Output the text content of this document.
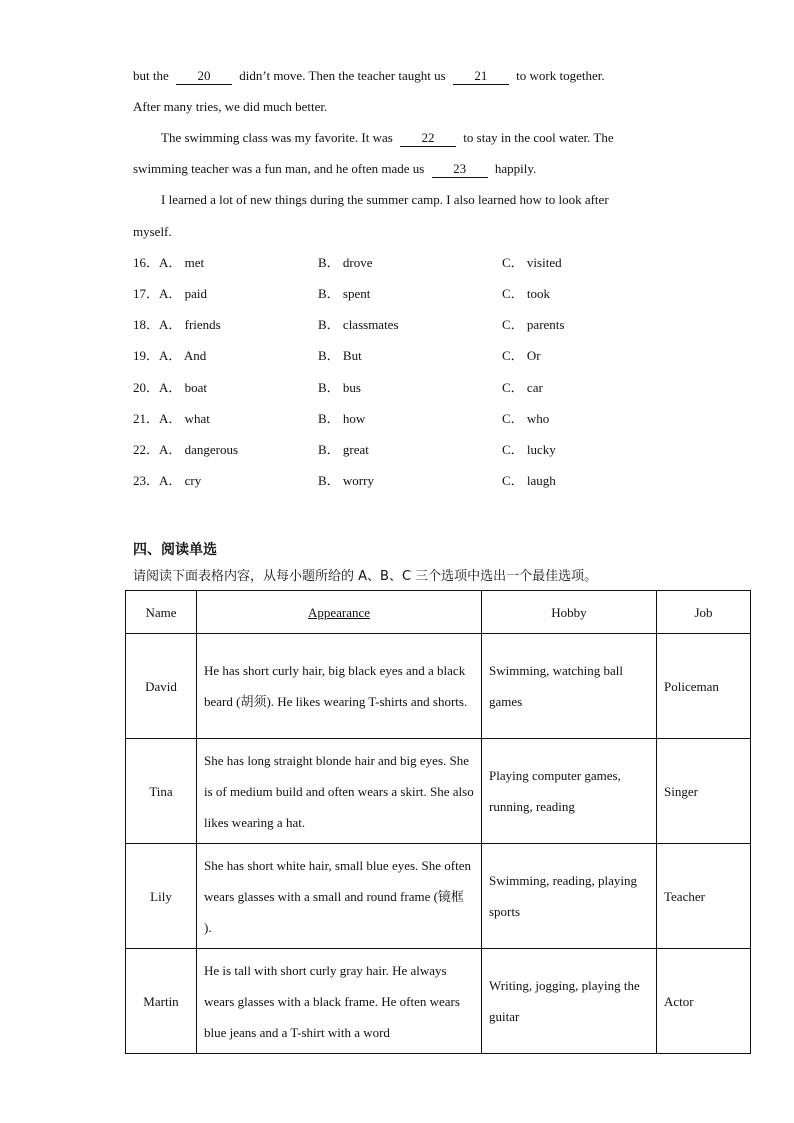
but the 20 didn’t move. Then the teacher taught us 21 to work together.
After many tries, we did much better.
The swimming class was my favorite. It was 22 to stay in the cool water. The
swimming teacher was a fun man, and he often made us 23 happily.
I learned a lot of new things during the summer camp. I also learned how to look after
myself.
16．A． met	B． drove	C． visited
17．A． paid	B． spent	C． took
18．A． friends	B． classmates	C． parents
19．A． And	B． But	C． Or
20．A． boat	B． bus	C． car
21．A． what	B． how	C． who
22．A． dangerous	B． great	C． lucky
23．A． cry	B． worry	C． laugh
四、阅读单选
请阅读下面表格内容，从每小题所给的 A、B、C 三个选项中选出一个最佳选项。
Name	Appearance	Hobby	Job
David	He has short curly hair, big black eyes and a black beard (胡须). He likes wearing T-shirts and shorts.	Swimming, watching ball games	Policeman
Tina	She has long straight blonde hair and big eyes. She is of medium build and often wears a skirt. She also likes wearing a hat.	Playing computer games, running, reading	Singer
Lily	She has short white hair, small blue eyes. She often wears glasses with a small and round frame (镜框 ).	Swimming, reading, playing sports	Teacher
Martin	He is tall with short curly gray hair. He always wears glasses with a black frame. He often wears blue jeans and a T-shirt with a word	Writing, jogging, playing the guitar	Actor
